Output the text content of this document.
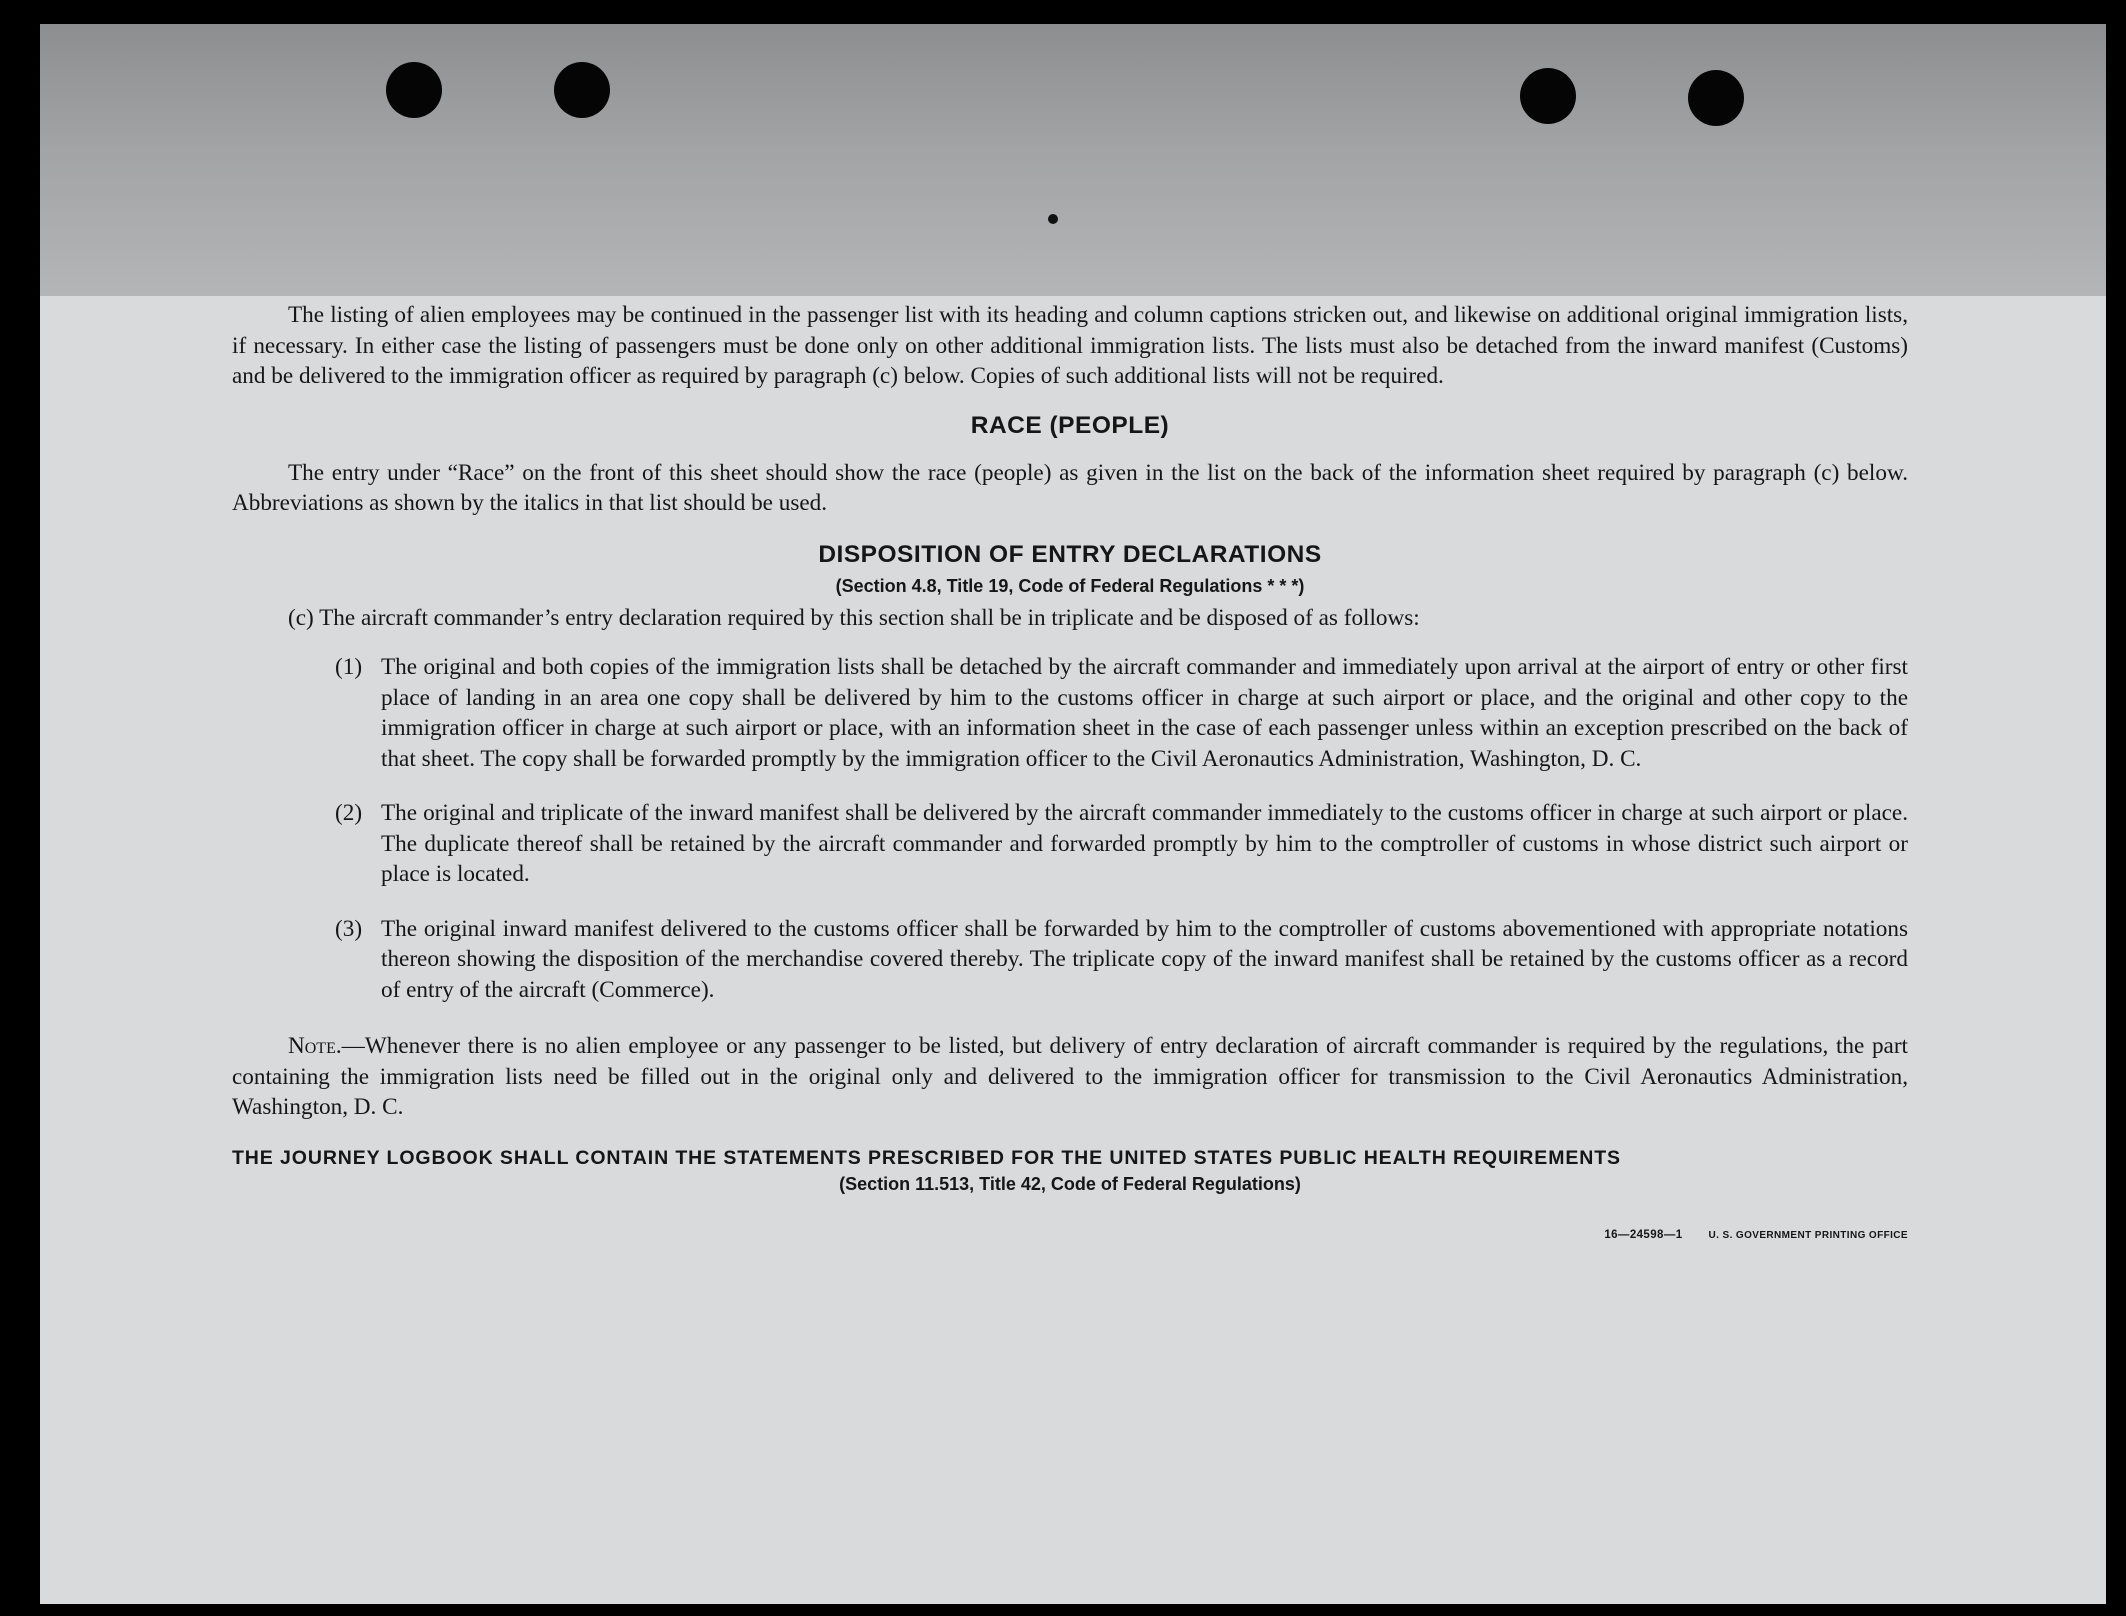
The listing of alien employees may be continued in the passenger list with its heading and column captions stricken out, and likewise on additional original immigration lists, if necessary. In either case the listing of passengers must be done only on other additional immigration lists. The lists must also be detached from the inward manifest (Customs) and be delivered to the immigration officer as required by paragraph (c) below. Copies of such additional lists will not be required.

RACE (PEOPLE)

The entry under “Race” on the front of this sheet should show the race (people) as given in the list on the back of the information sheet required by paragraph (c) below. Abbreviations as shown by the italics in that list should be used.

DISPOSITION OF ENTRY DECLARATIONS
(Section 4.8, Title 19, Code of Federal Regulations * * *)

(c) The aircraft commander’s entry declaration required by this section shall be in triplicate and be disposed of as follows:

(1) The original and both copies of the immigration lists shall be detached by the aircraft commander and immediately upon arrival at the airport of entry or other first place of landing in an area one copy shall be delivered by him to the customs officer in charge at such airport or place, and the original and other copy to the immigration officer in charge at such airport or place, with an information sheet in the case of each passenger unless within an exception prescribed on the back of that sheet. The copy shall be forwarded promptly by the immigration officer to the Civil Aeronautics Administration, Washington, D. C.

(2) The original and triplicate of the inward manifest shall be delivered by the aircraft commander immediately to the customs officer in charge at such airport or place. The duplicate thereof shall be retained by the aircraft commander and forwarded promptly by him to the comptroller of customs in whose district such airport or place is located.

(3) The original inward manifest delivered to the customs officer shall be forwarded by him to the comptroller of customs abovementioned with appropriate notations thereon showing the disposition of the merchandise covered thereby. The triplicate copy of the inward manifest shall be retained by the customs officer as a record of entry of the aircraft (Commerce).

Note.—Whenever there is no alien employee or any passenger to be listed, but delivery of entry declaration of aircraft commander is required by the regulations, the part containing the immigration lists need be filled out in the original only and delivered to the immigration officer for transmission to the Civil Aeronautics Administration, Washington, D. C.

THE JOURNEY LOGBOOK SHALL CONTAIN THE STATEMENTS PRESCRIBED FOR THE UNITED STATES PUBLIC HEALTH REQUIREMENTS
(Section 11.513, Title 42, Code of Federal Regulations)
16—24598—1	U. S. GOVERNMENT PRINTING OFFICE
